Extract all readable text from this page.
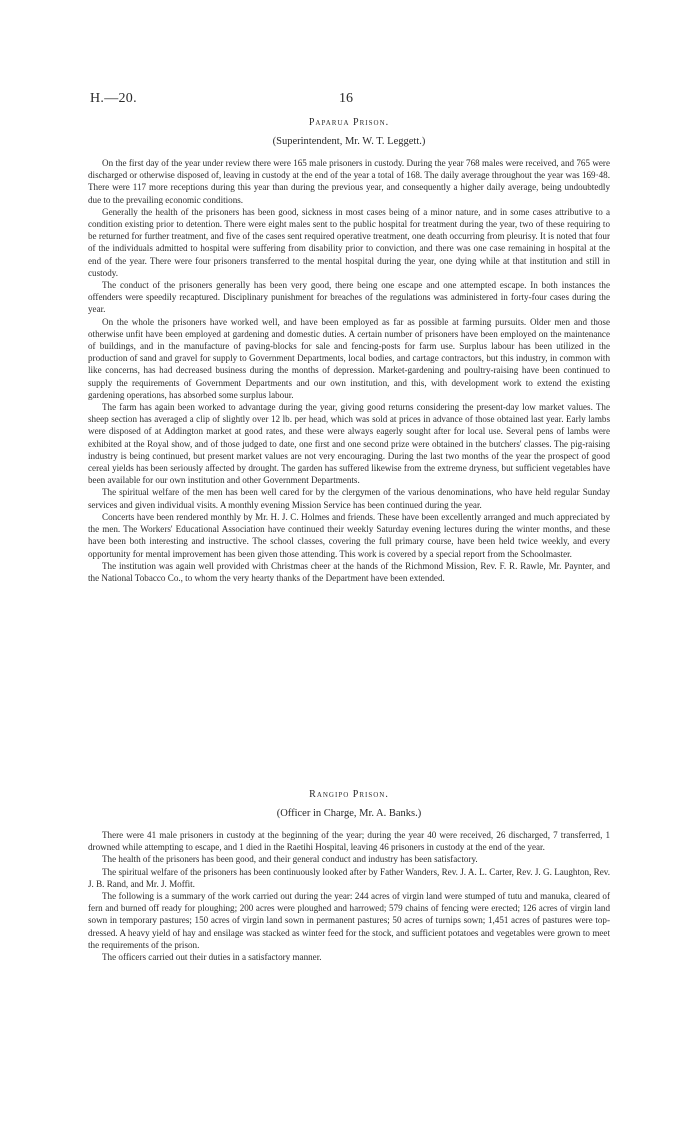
H.—20.	16
Paparua Prison.
(Superintendent, Mr. W. T. Leggett.)

On the first day of the year under review there were 165 male prisoners in custody. During the year 768 males were received, and 765 were discharged or otherwise disposed of, leaving in custody at the end of the year a total of 168. The daily average throughout the year was 169·48. There were 117 more receptions during this year than during the previous year, and consequently a higher daily average, being undoubtedly due to the prevailing economic conditions.

Generally the health of the prisoners has been good, sickness in most cases being of a minor nature, and in some cases attributive to a condition existing prior to detention. There were eight males sent to the public hospital for treatment during the year, two of these requiring to be returned for further treatment, and five of the cases sent required operative treatment, one death occurring from pleurisy. It is noted that four of the individuals admitted to hospital were suffering from disability prior to conviction, and there was one case remaining in hospital at the end of the year. There were four prisoners transferred to the mental hospital during the year, one dying while at that institution and still in custody.

The conduct of the prisoners generally has been very good, there being one escape and one attempted escape. In both instances the offenders were speedily recaptured. Disciplinary punishment for breaches of the regulations was administered in forty-four cases during the year.

On the whole the prisoners have worked well, and have been employed as far as possible at farming pursuits. Older men and those otherwise unfit have been employed at gardening and domestic duties. A certain number of prisoners have been employed on the maintenance of buildings, and in the manufacture of paving-blocks for sale and fencing-posts for farm use. Surplus labour has been utilized in the production of sand and gravel for supply to Government Departments, local bodies, and cartage contractors, but this industry, in common with like concerns, has had decreased business during the months of depression. Market-gardening and poultry-raising have been continued to supply the requirements of Government Departments and our own institution, and this, with development work to extend the existing gardening operations, has absorbed some surplus labour.

The farm has again been worked to advantage during the year, giving good returns considering the present-day low market values. The sheep section has averaged a clip of slightly over 12 lb. per head, which was sold at prices in advance of those obtained last year. Early lambs were disposed of at Addington market at good rates, and these were always eagerly sought after for local use. Several pens of lambs were exhibited at the Royal show, and of those judged to date, one first and one second prize were obtained in the butchers' classes. The pig-raising industry is being continued, but present market values are not very encouraging. During the last two months of the year the prospect of good cereal yields has been seriously affected by drought. The garden has suffered likewise from the extreme dryness, but sufficient vegetables have been available for our own institution and other Government Departments.

The spiritual welfare of the men has been well cared for by the clergymen of the various denominations, who have held regular Sunday services and given individual visits. A monthly evening Mission Service has been continued during the year.

Concerts have been rendered monthly by Mr. H. J. C. Holmes and friends. These have been excellently arranged and much appreciated by the men. The Workers' Educational Association have continued their weekly Saturday evening lectures during the winter months, and these have been both interesting and instructive. The school classes, covering the full primary course, have been held twice weekly, and every opportunity for mental improvement has been given those attending. This work is covered by a special report from the Schoolmaster.

The institution was again well provided with Christmas cheer at the hands of the Richmond Mission, Rev. F. R. Rawle, Mr. Paynter, and the National Tobacco Co., to whom the very hearty thanks of the Department have been extended.

Rangipo Prison.
(Officer in Charge, Mr. A. Banks.)

There were 41 male prisoners in custody at the beginning of the year; during the year 40 were received, 26 discharged, 7 transferred, 1 drowned while attempting to escape, and 1 died in the Raetihi Hospital, leaving 46 prisoners in custody at the end of the year.

The health of the prisoners has been good, and their general conduct and industry has been satisfactory.

The spiritual welfare of the prisoners has been continuously looked after by Father Wanders, Rev. J. A. L. Carter, Rev. J. G. Laughton, Rev. J. B. Rand, and Mr. J. Moffit.

The following is a summary of the work carried out during the year: 244 acres of virgin land were stumped of tutu and manuka, cleared of fern and burned off ready for ploughing; 200 acres were ploughed and harrowed; 579 chains of fencing were erected; 126 acres of virgin land sown in temporary pastures; 150 acres of virgin land sown in permanent pastures; 50 acres of turnips sown; 1,451 acres of pastures were top-dressed. A heavy yield of hay and ensilage was stacked as winter feed for the stock, and sufficient potatoes and vegetables were grown to meet the requirements of the prison.

The officers carried out their duties in a satisfactory manner.
